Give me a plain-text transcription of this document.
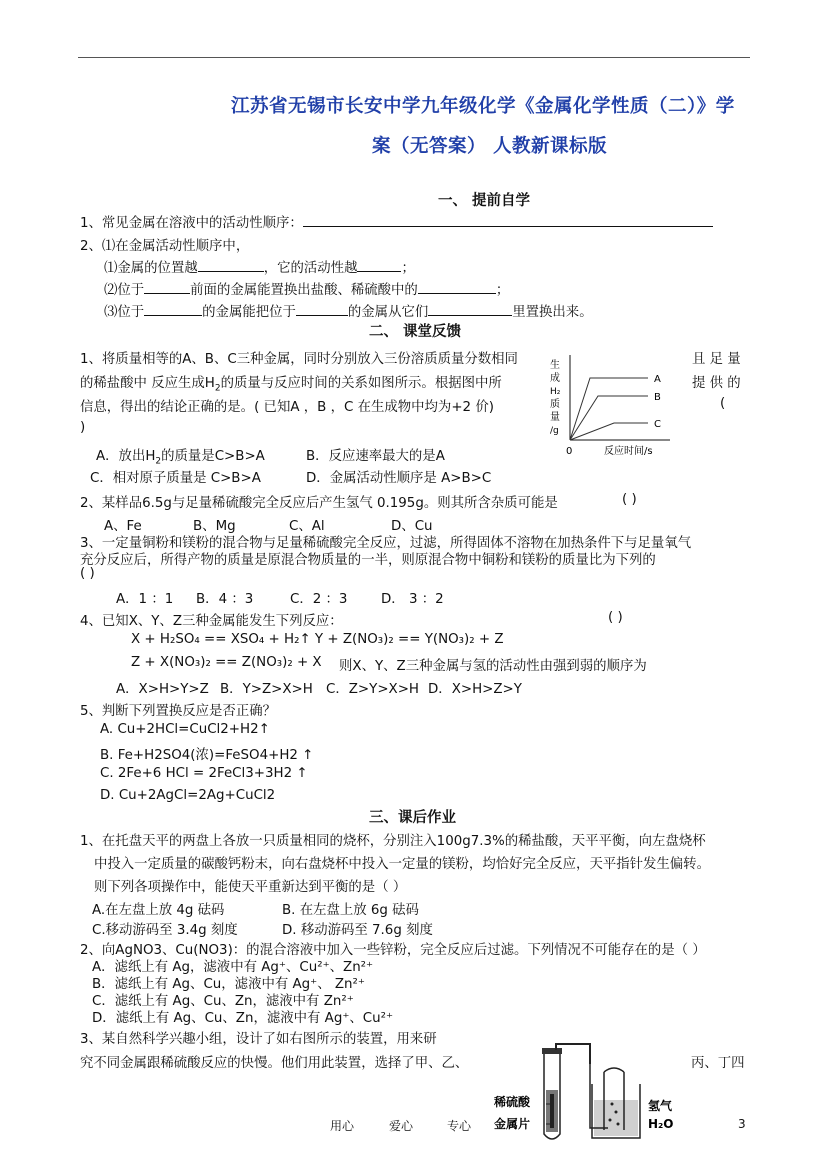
江苏省无锡市长安中学九年级化学《金属化学性质（二）》学
案（无答案） 人教新课标版
一、 提前自学
1、常见金属在溶液中的活动性顺序：
2、⑴在金属活动性顺序中，
⑴金属的位置越	，它的活动性越	；
⑵位于	前面的金属能置换出盐酸、稀硫酸中的	；
⑶位于	的金属能把位于	的金属从它们	里置换出来。
二、 课堂反馈
1、将质量相等的A、B、C三种金属，同时分别放入三份溶质质量分数相同	且 足 量
的稀盐酸中 反应生成$H_2$的质量与反应时间的关系如图所示。根据图中所	提 供 的
信息，得出的结论正确的是。( 已知A ，B ，C 在生成物中均为+2 价)	(
)
A．放出$H_2$的质量是C>B>A	B．反应速率最大的是A
C．相对原子质量是 C>B>A	D．金属活动性顺序是 A>B>C
生
成
H₂
质
量
/g
A
B
C
0	反应时间/s
2、某样品6.5g与足量稀硫酸完全反应后产生氢气 0.195g。则其所含杂质可能是	( )
A、Fe	B、Mg	C、Al	D、Cu
3、一定量铜粉和镁粉的混合物与足量稀硫酸完全反应，过滤，所得固体不溶物在加热条件下与足量氧气
充分反应后，所得产物的质量是原混合物质量的一半，则原混合物中铜粉和镁粉的质量比为下列的
( )
A．1 ：1 B．4 ：3	C．2 ：3	D． 3 ：2
4、已知X、Y、Z三种金属能发生下列反应：	( )
X + H₂SO₄ == XSO₄ + H₂↑ Y + Z(NO₃)₂ == Y(NO₃)₂ + Z
Z + X(NO₃)₂ == Z(NO₃)₂ + X 则X、Y、Z三种金属与氢的活动性由强到弱的顺序为
A．X>H>Y>Z B．Y>Z>X>H C．Z>Y>X>H D．X>H>Z>Y
5、判断下列置换反应是否正确？
A. Cu+2HCl=CuCl2+H2↑
B. Fe+H2SO4(浓)=FeSO4+H2 ↑
C. 2Fe+6 HCl = 2FeCl3+3H2 ↑
D. Cu+2AgCl=2Ag+CuCl2
三、课后作业
1、在托盘天平的两盘上各放一只质量相同的烧杯，分别注入100g7.3%的稀盐酸，天平平衡，向左盘烧杯
中投入一定质量的碳酸钙粉末，向右盘烧杯中投入一定量的镁粉，均恰好完全反应，天平指针发生偏转。
则下列各项操作中，能使天平重新达到平衡的是（ ）
A.在左盘上放 4g 砝码	B. 在左盘上放 6g 砝码
C.移动游码至 3.4g 刻度	D. 移动游码至 7.6g 刻度
2、向AgNO3、Cu(NO3)：的混合溶液中加入一些锌粉，完全反应后过滤。下列情况不可能存在的是（ ）
A．滤纸上有 Ag，滤液中有 Ag⁺、Cu²⁺、Zn²⁺
B．滤纸上有 Ag、Cu，滤液中有 Ag⁺、 Zn²⁺
C．滤纸上有 Ag、Cu、Zn，滤液中有 Zn²⁺
D．滤纸上有 Ag、Cu、Zn，滤液中有 Ag⁺、Cu²⁺
3、某自然科学兴趣小组，设计了如右图所示的装置，用来研
究不同金属跟稀硫酸反应的快慢。他们用此装置，选择了甲、乙、	丙、丁四
稀硫酸
金属片
氢气
H₂O
用心	爱心	专心	3
